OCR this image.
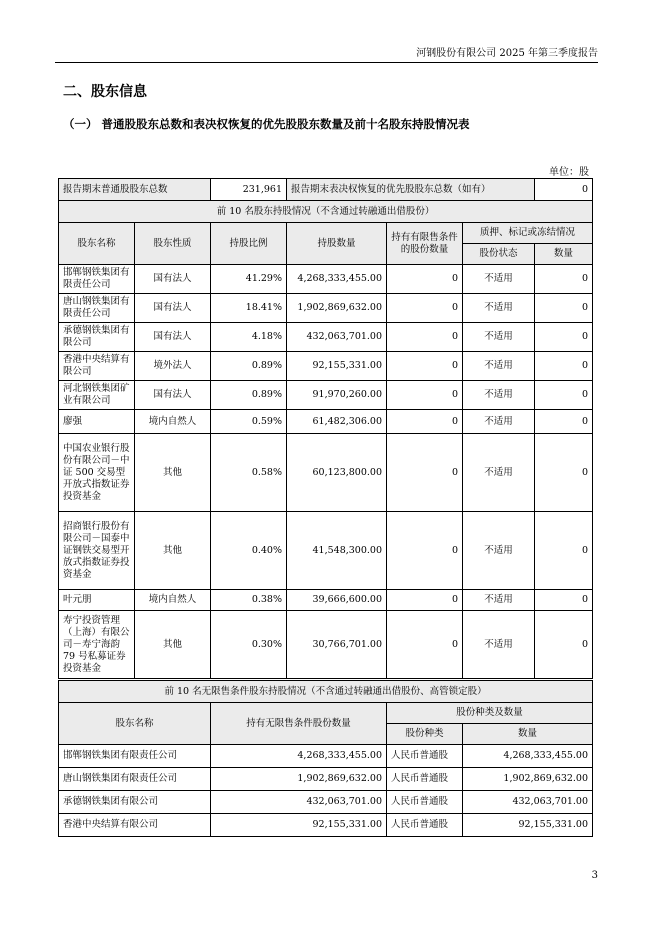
河钢股份有限公司 2025 年第三季度报告
二、股东信息
（一） 普通股股东总数和表决权恢复的优先股股东数量及前十名股东持股情况表
单位：股
报告期末普通股股东总数		231,961	报告期末表决权恢复的优先股股东总数（如有）			0
前 10 名股东持股情况（不含通过转融通出借股份）						
股东名称	股东性质	持股比例	持股数量	持有有限售条件的股份数量	质押、标记或冻结情况	
					股份状态	数量
邯郸钢铁集团有限责任公司	国有法人	41.29%	4,268,333,455.00	0	不适用	0
唐山钢铁集团有限责任公司	国有法人	18.41%	1,902,869,632.00	0	不适用	0
承德钢铁集团有限公司	国有法人	4.18%	432,063,701.00	0	不适用	0
香港中央结算有限公司	境外法人	0.89%	92,155,331.00	0	不适用	0
河北钢铁集团矿业有限公司	国有法人	0.89%	91,970,260.00	0	不适用	0
廖强	境内自然人	0.59%	61,482,306.00	0	不适用	0
中国农业银行股份有限公司－中证 500 交易型开放式指数证券投资基金	其他	0.58%	60,123,800.00	0	不适用	0
招商银行股份有限公司－国泰中证钢铁交易型开放式指数证券投资基金	其他	0.40%	41,548,300.00	0	不适用	0
叶元朋	境内自然人	0.38%	39,666,600.00	0	不适用	0
寿宁投资管理（上海）有限公司－寿宁海韵 79 号私募证券投资基金	其他	0.30%	30,766,701.00	0	不适用	0
前 10 名无限售条件股东持股情况（不含通过转融通出借股份、高管锁定股）			
股东名称	持有无限售条件股份数量	股份种类及数量	
		股份种类	数量
邯郸钢铁集团有限责任公司	4,268,333,455.00	人民币普通股	4,268,333,455.00
唐山钢铁集团有限责任公司	1,902,869,632.00	人民币普通股	1,902,869,632.00
承德钢铁集团有限公司	432,063,701.00	人民币普通股	432,063,701.00
香港中央结算有限公司	92,155,331.00	人民币普通股	92,155,331.00
3
